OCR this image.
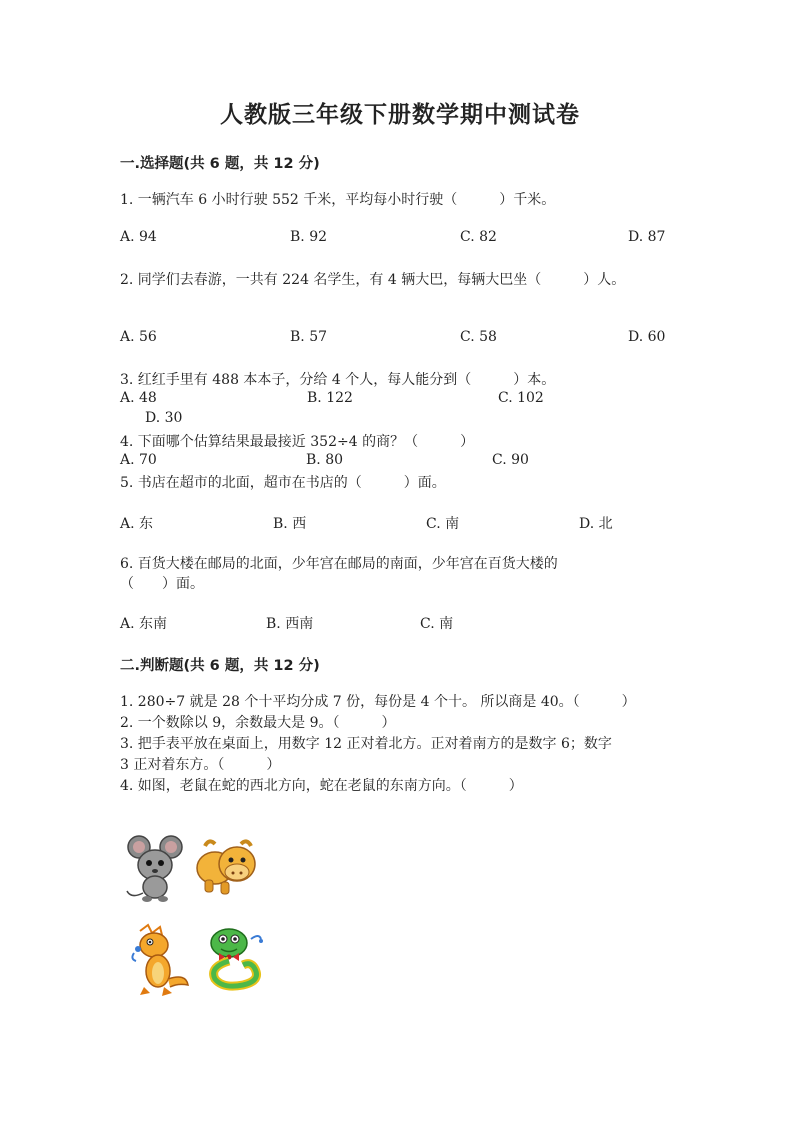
人教版三年级下册数学期中测试卷
一.选择题(共 6 题，共 12 分)
1. 一辆汽车 6 小时行驶 552 千米，平均每小时行驶（　　　）千米。
A. 94	B. 92	C. 82	D. 87
2. 同学们去春游，一共有 224 名学生，有 4 辆大巴，每辆大巴坐（　　　）人。
A. 56	B. 57	C. 58	D. 60
3. 红红手里有 488 本本子，分给 4 个人，每人能分到（　　　）本。
A. 48	B. 122	C. 102
D. 30
4. 下面哪个估算结果最最接近 352÷4 的商？（　　　）
A. 70	B. 80	C. 90
5. 书店在超市的北面，超市在书店的（　　　）面。
A. 东	B. 西	C. 南	D. 北
6. 百货大楼在邮局的北面，少年宫在邮局的南面，少年宫在百货大楼的
（　　）面。
A. 东南	B. 西南	C. 南
二.判断题(共 6 题，共 12 分)
1. 280÷7 就是 28 个十平均分成 7 份，每份是 4 个十。 所以商是 40。（　　　）
2. 一个数除以 9，余数最大是 9。（　　　）
3. 把手表平放在桌面上，用数字 12 正对着北方。正对着南方的是数字 6；数字
3 正对着东方。（　　　）
4. 如图，老鼠在蛇的西北方向，蛇在老鼠的东南方向。（　　　）
